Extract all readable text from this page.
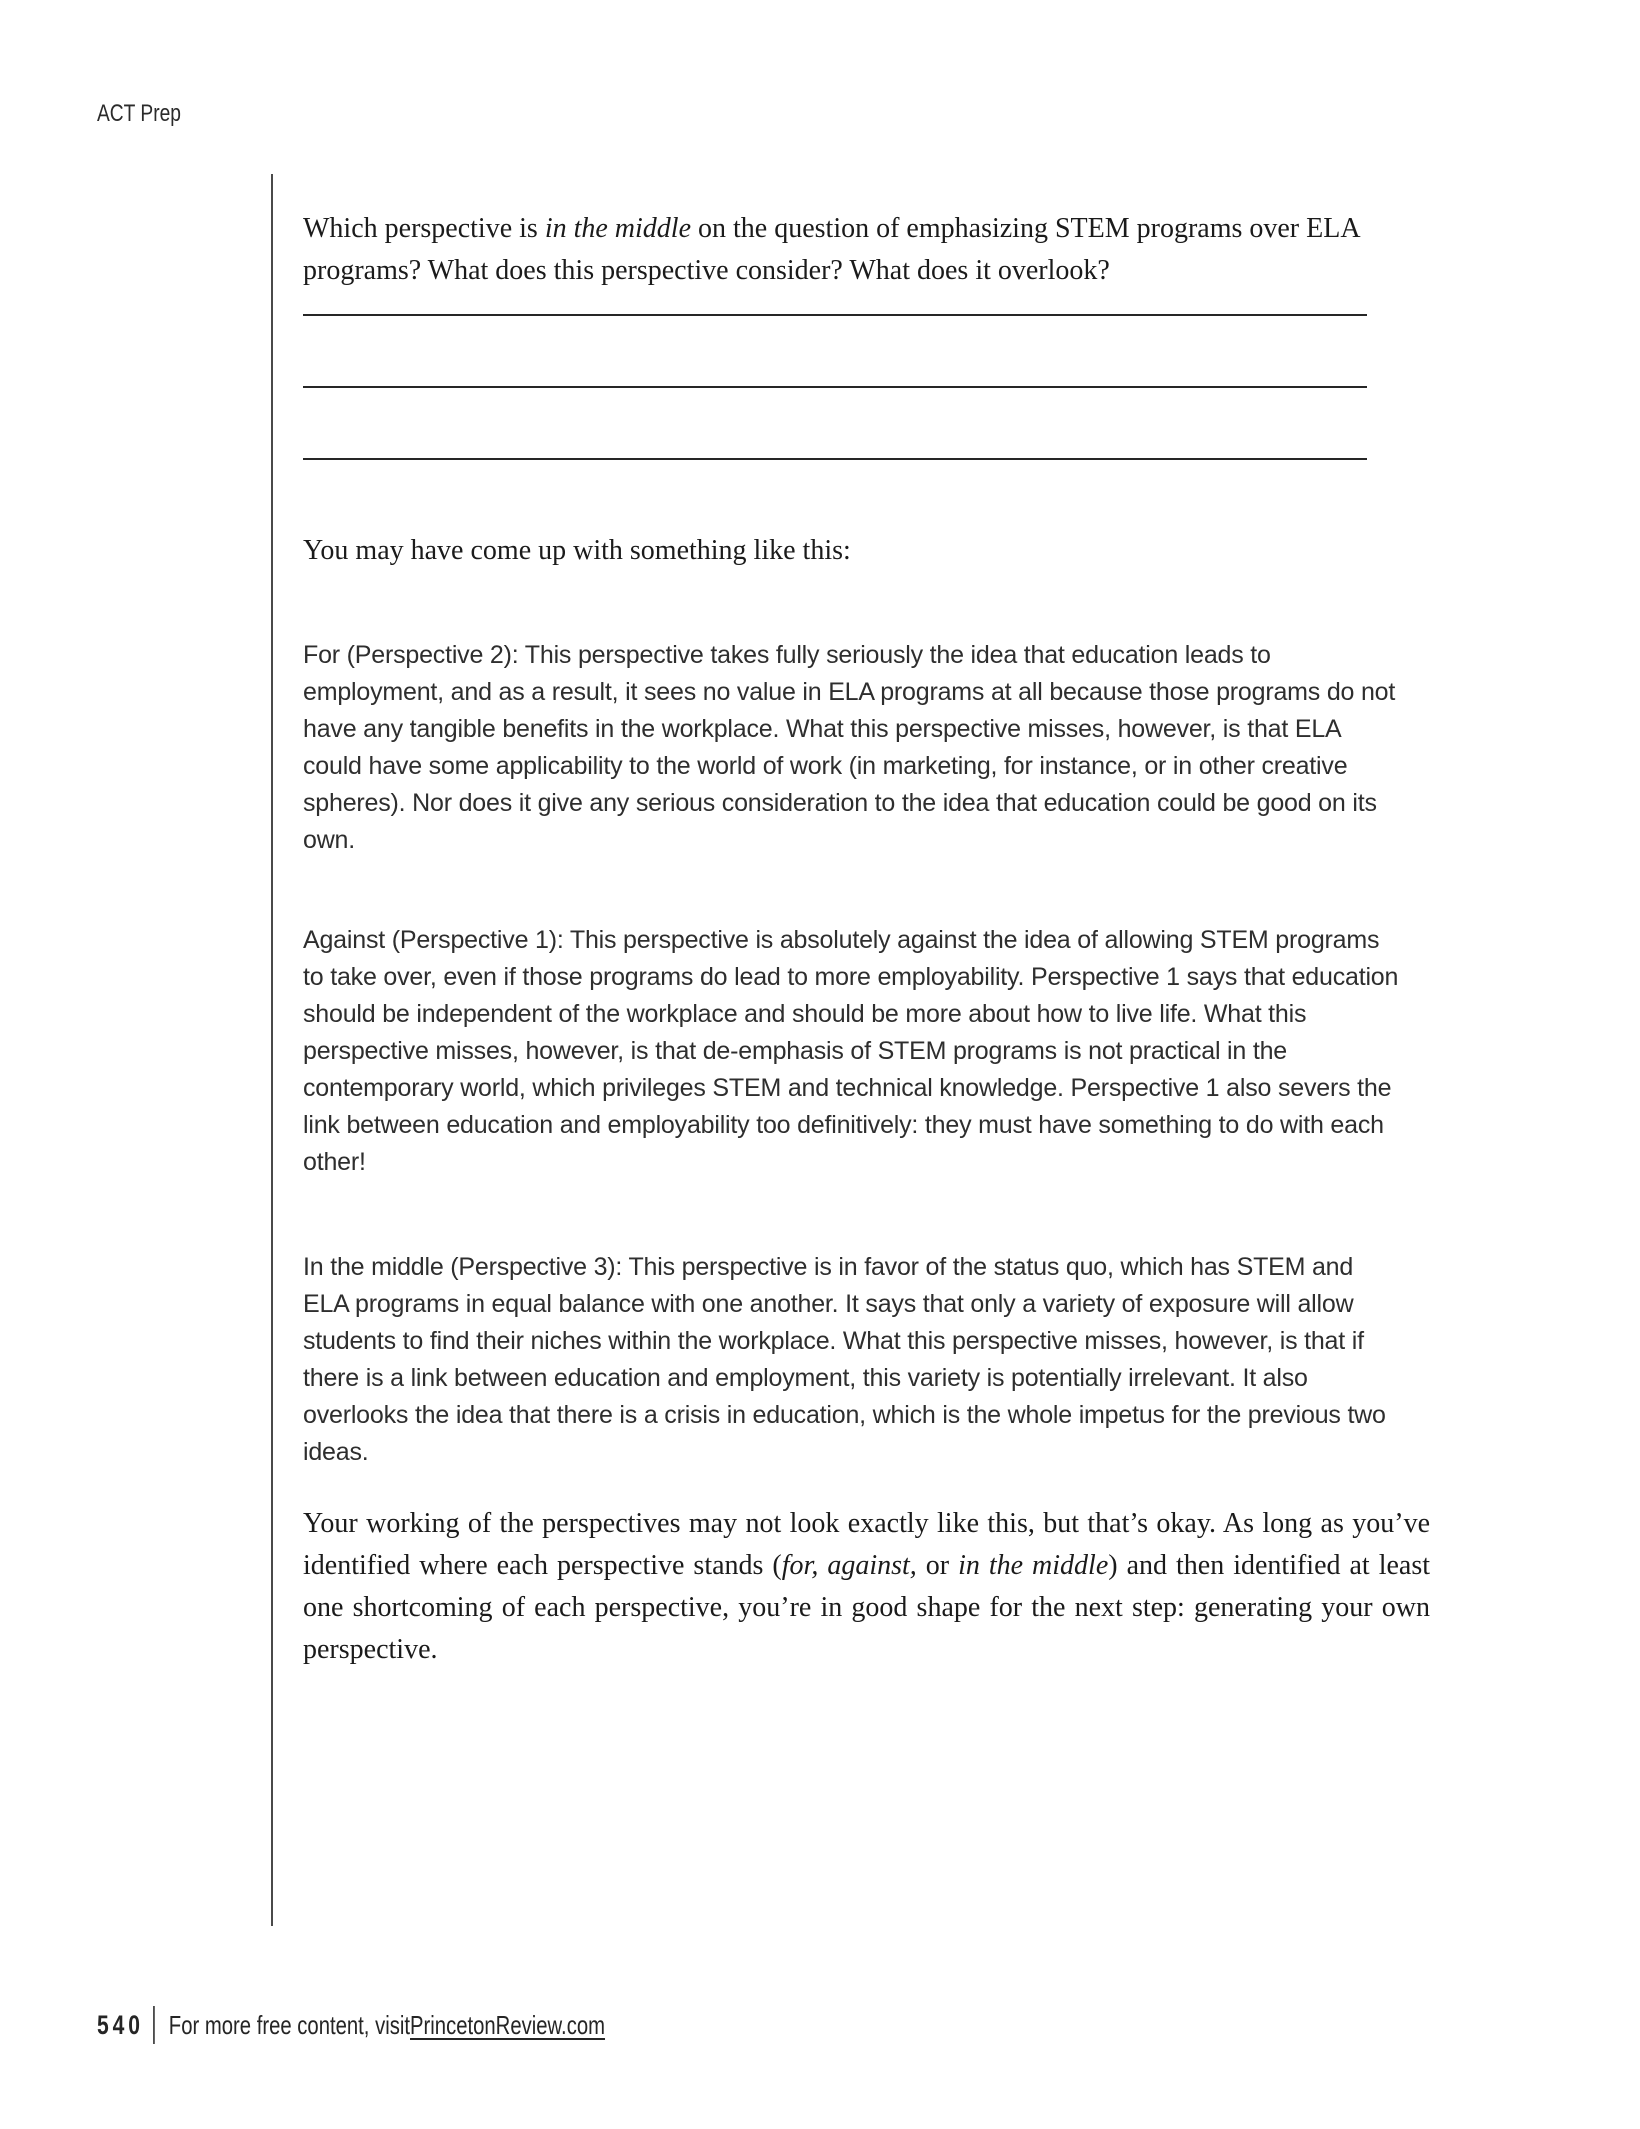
ACT Prep

Which perspective is in the middle on the question of emphasizing STEM programs over ELA
programs? What does this perspective consider? What does it overlook?

You may have come up with something like this:

For (Perspective 2): This perspective takes fully seriously the idea that education leads to employment, and as a result, it sees no value in ELA programs at all because those programs do not have any tangible benefits in the workplace. What this perspective misses, however, is that ELA could have some applicability to the world of work (in marketing, for instance, or in other creative spheres). Nor does it give any serious consideration to the idea that education could be good on its own.

Against (Perspective 1): This perspective is absolutely against the idea of allowing STEM programs to take over, even if those programs do lead to more employability. Perspective 1 says that education should be independent of the workplace and should be more about how to live life. What this perspective misses, however, is that de-emphasis of STEM programs is not practical in the contemporary world, which privileges STEM and technical knowledge. Perspective 1 also severs the link between education and employability too definitively: they must have something to do with each other!

In the middle (Perspective 3): This perspective is in favor of the status quo, which has STEM and ELA programs in equal balance with one another. It says that only a variety of exposure will allow students to find their niches within the workplace. What this perspective misses, however, is that if there is a link between education and employment, this variety is potentially irrelevant. It also overlooks the idea that there is a crisis in education, which is the whole impetus for the previous two ideas.

Your working of the perspectives may not look exactly like this, but that’s okay. As long as you’ve identified where each perspective stands (for, against, or in the middle) and then identified at least one shortcoming of each perspective, you’re in good shape for the next step: generating your own perspective.

540 For more free content, visit PrincetonReview.com
